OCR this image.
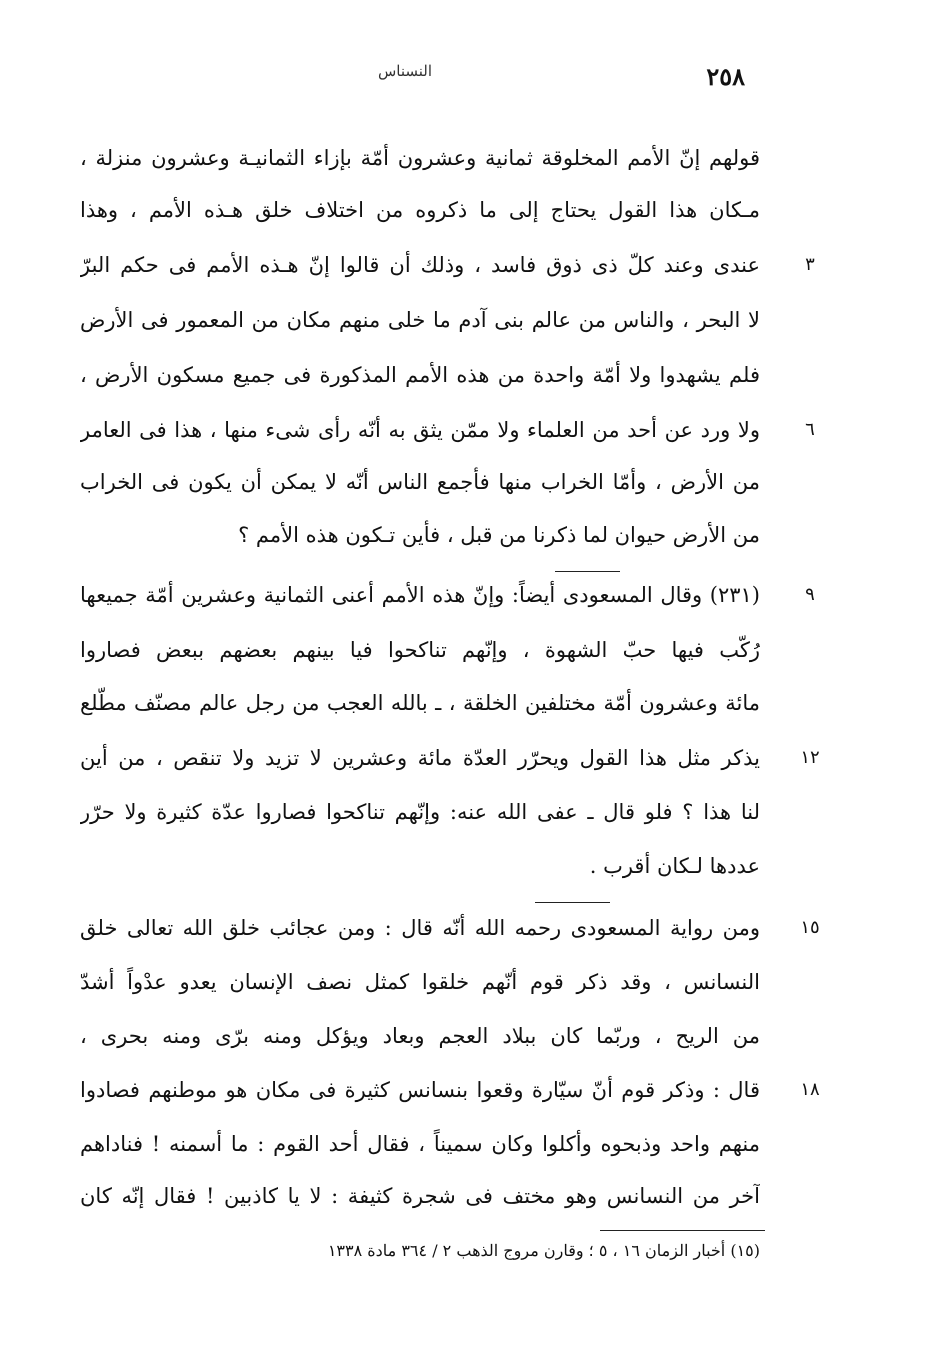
النسناس	٢٥٨
قولهم إنّ الأمم المخلوقة ثمانية وعشرون أمّة بإزاء الثمانيـة وعشرون منزلة ،
مـكان هذا القول يحتاج إلى ما ذكروه من اختلاف خلق هـذه الأمم ، وهذا
عندى وعند كلّ ذى ذوق فاسد ، وذلك أن قالوا إنّ هـذه الأمم فى حكم البرّ
لا البحر ، والناس من عالم بنى آدم ما خلى منهم مكان من المعمور فى الأرض
فلم يشهدوا ولا أمّة واحدة من هذه الأمم المذكورة فى جميع مسكون الأرض ،
ولا ورد عن أحد من العلماء ولا ممّن يثق به أنّه رأى شىء منها ، هذا فى العامر
من الأرض ، وأمّا الخراب منها فأجمع الناس أنّه لا يمكن أن يكون فى الخراب
من الأرض حيوان لما ذكرنا من قبل ، فأين تـكون هذه الأمم ؟
(٢٣١) وقال المسعودى أيضاً: وإنّ هذه الأمم أعنى الثمانية وعشرين أمّة جميعها
رُكّب فيها حبّ الشهوة ، وإنّهم تناكحوا فيا بينهم بعضهم ببعض فصاروا
مائة وعشرون أمّة مختلفين الخلقة ، ـ بالله العجب من رجل عالم مصنّف مطّلع
يذكر مثل هذا القول ويحرّر العدّة مائة وعشرين لا تزيد ولا تنقص ، من أين
لنا هذا ؟ فلو قال ـ عفى الله عنه: وإنّهم تناكحوا فصاروا عدّة كثيرة ولا حرّر
عددها لـكان أقرب .
ومن رواية المسعودى رحمه الله أنّه قال : ومن عجائب خلق الله تعالى خلق
النسانس ، وقد ذكر قوم أنّهم خلقوا كمثل نصف الإنسان يعدو عدْواً أشدّ
من الريح ، وربّما كان ببلاد العجم وبعاد ويؤكل ومنه برّى ومنه بحرى ،
قال : وذكر قوم أنّ سيّارة وقعوا بنسانس كثيرة فى مكان هو موطنهم فصادوا
منهم واحد وذبحوه وأكلوا وكان سميناً ، فقال أحد القوم : ما أسمنه ! فناداهم
آخر من النسانس وهو مختف فى شجرة كثيفة : لا يا كاذبين ! فقال إنّه كان
٣
٦
٩
١٢
١٥
١٨
(١٥) أخبار الزمان ١٦ ، ٥ ؛ وقارن مروج الذهب ٢ / ٣٦٤ مادة ١٣٣٨
